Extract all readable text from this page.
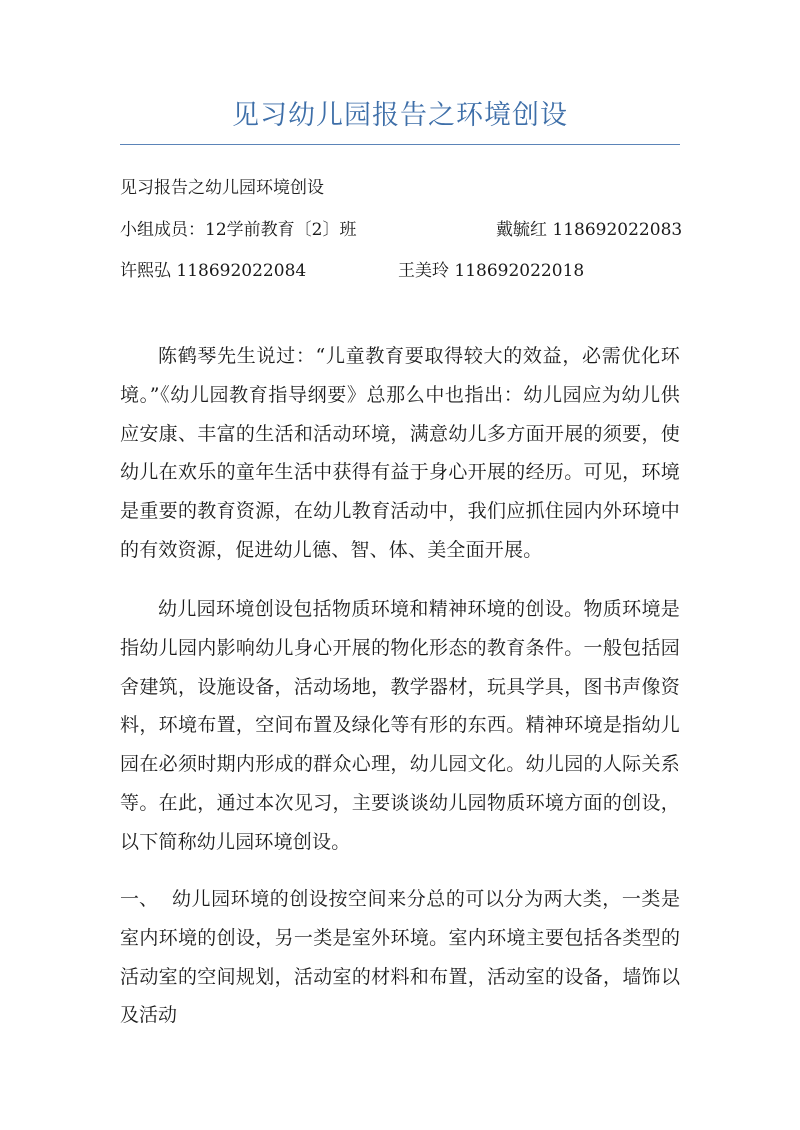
见习幼儿园报告之环境创设
见习报告之幼儿园环境创设
小组成员：12学前教育〔2〕班	戴毓红 118692022083
许熙弘 118692022084	王美玲 118692022018
陈鹤琴先生说过：“儿童教育要取得较大的效益，必需优化环境。”《幼儿园教育指导纲要》总那么中也指出：幼儿园应为幼儿供应安康、丰富的生活和活动环境，满意幼儿多方面开展的须要，使幼儿在欢乐的童年生活中获得有益于身心开展的经历。可见，环境是重要的教育资源，在幼儿教育活动中，我们应抓住园内外环境中的有效资源，促进幼儿德、智、体、美全面开展。
幼儿园环境创设包括物质环境和精神环境的创设。物质环境是指幼儿园内影响幼儿身心开展的物化形态的教育条件。一般包括园舍建筑，设施设备，活动场地，教学器材，玩具学具，图书声像资料，环境布置，空间布置及绿化等有形的东西。精神环境是指幼儿园在必须时期内形成的群众心理，幼儿园文化。幼儿园的人际关系等。在此，通过本次见习，主要谈谈幼儿园物质环境方面的创设，以下简称幼儿园环境创设。
一、 幼儿园环境的创设按空间来分总的可以分为两大类，一类是室内环境的创设，另一类是室外环境。室内环境主要包括各类型的活动室的空间规划，活动室的材料和布置，活动室的设备，墙饰以及活动
